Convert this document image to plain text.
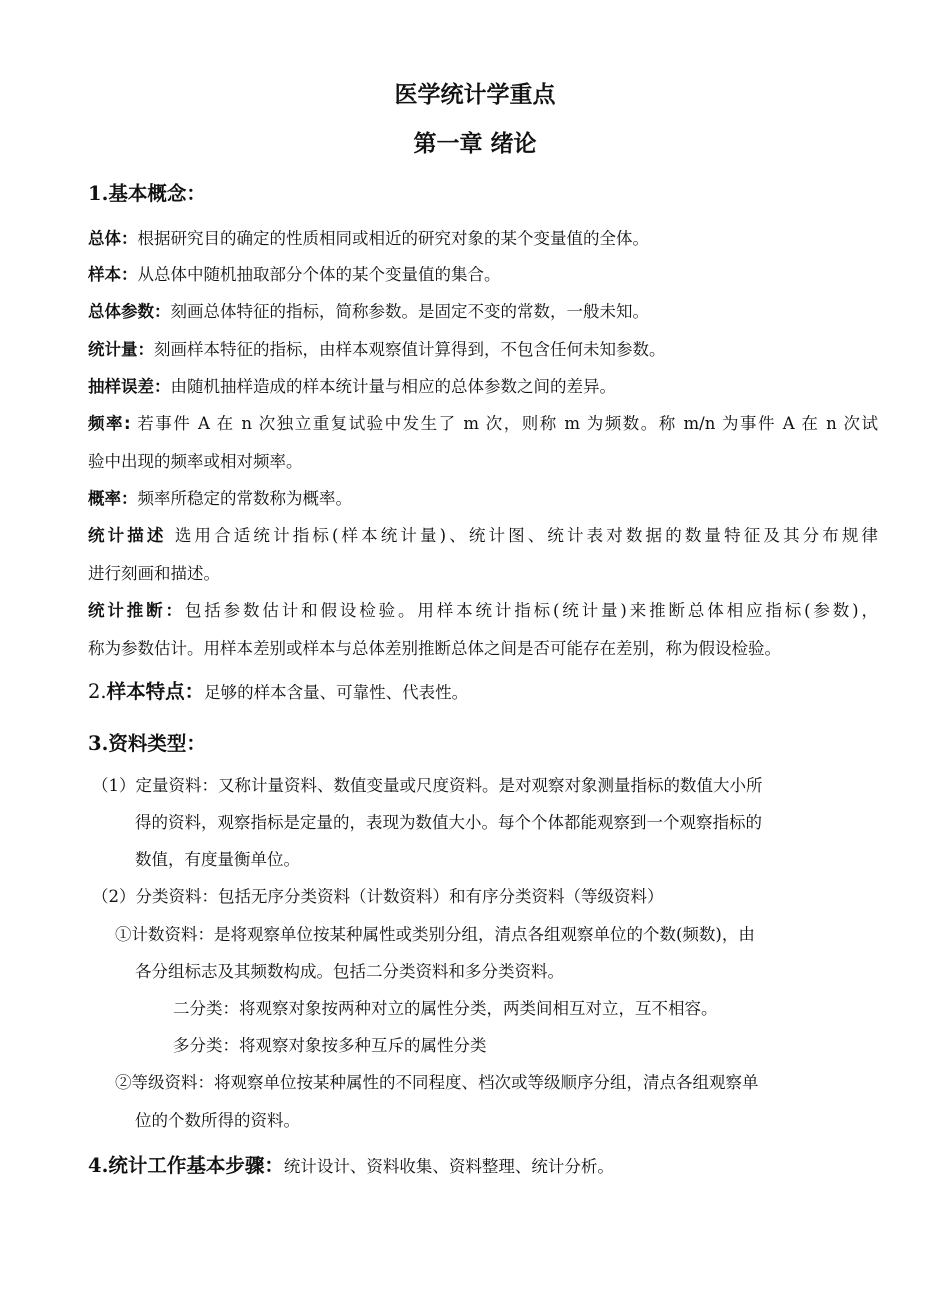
医学统计学重点
第一章 绪论
1.基本概念：
总体：根据研究目的确定的性质相同或相近的研究对象的某个变量值的全体。
样本：从总体中随机抽取部分个体的某个变量值的集合。
总体参数：刻画总体特征的指标，简称参数。是固定不变的常数，一般未知。
统计量：刻画样本特征的指标，由样本观察值计算得到，不包含任何未知参数。
抽样误差：由随机抽样造成的样本统计量与相应的总体参数之间的差异。
频率: 若事件 A 在 n 次独立重复试验中发生了 m 次，则称 m 为频数。称 m/n 为事件 A 在 n 次试
验中出现的频率或相对频率。
概率：频率所稳定的常数称为概率。
统计描述 选用合适统计指标(样本统计量)、统计图、统计表对数据的数量特征及其分布规律
进行刻画和描述。
统计推断：包括参数估计和假设检验。用样本统计指标(统计量)来推断总体相应指标(参数)，
称为参数估计。用样本差别或样本与总体差别推断总体之间是否可能存在差别，称为假设检验。
2.样本特点：足够的样本含量、可靠性、代表性。
3.资料类型：
（1）定量资料：又称计量资料、数值变量或尺度资料。是对观察对象测量指标的数值大小所
得的资料，观察指标是定量的，表现为数值大小。每个个体都能观察到一个观察指标的
数值，有度量衡单位。
（2）分类资料：包括无序分类资料（计数资料）和有序分类资料（等级资料）
①计数资料：是将观察单位按某种属性或类别分组，清点各组观察单位的个数(频数)，由
各分组标志及其频数构成。包括二分类资料和多分类资料。
二分类：将观察对象按两种对立的属性分类，两类间相互对立，互不相容。
多分类：将观察对象按多种互斥的属性分类
②等级资料：将观察单位按某种属性的不同程度、档次或等级顺序分组，清点各组观察单
位的个数所得的资料。
4.统计工作基本步骤：统计设计、资料收集、资料整理、统计分析。
